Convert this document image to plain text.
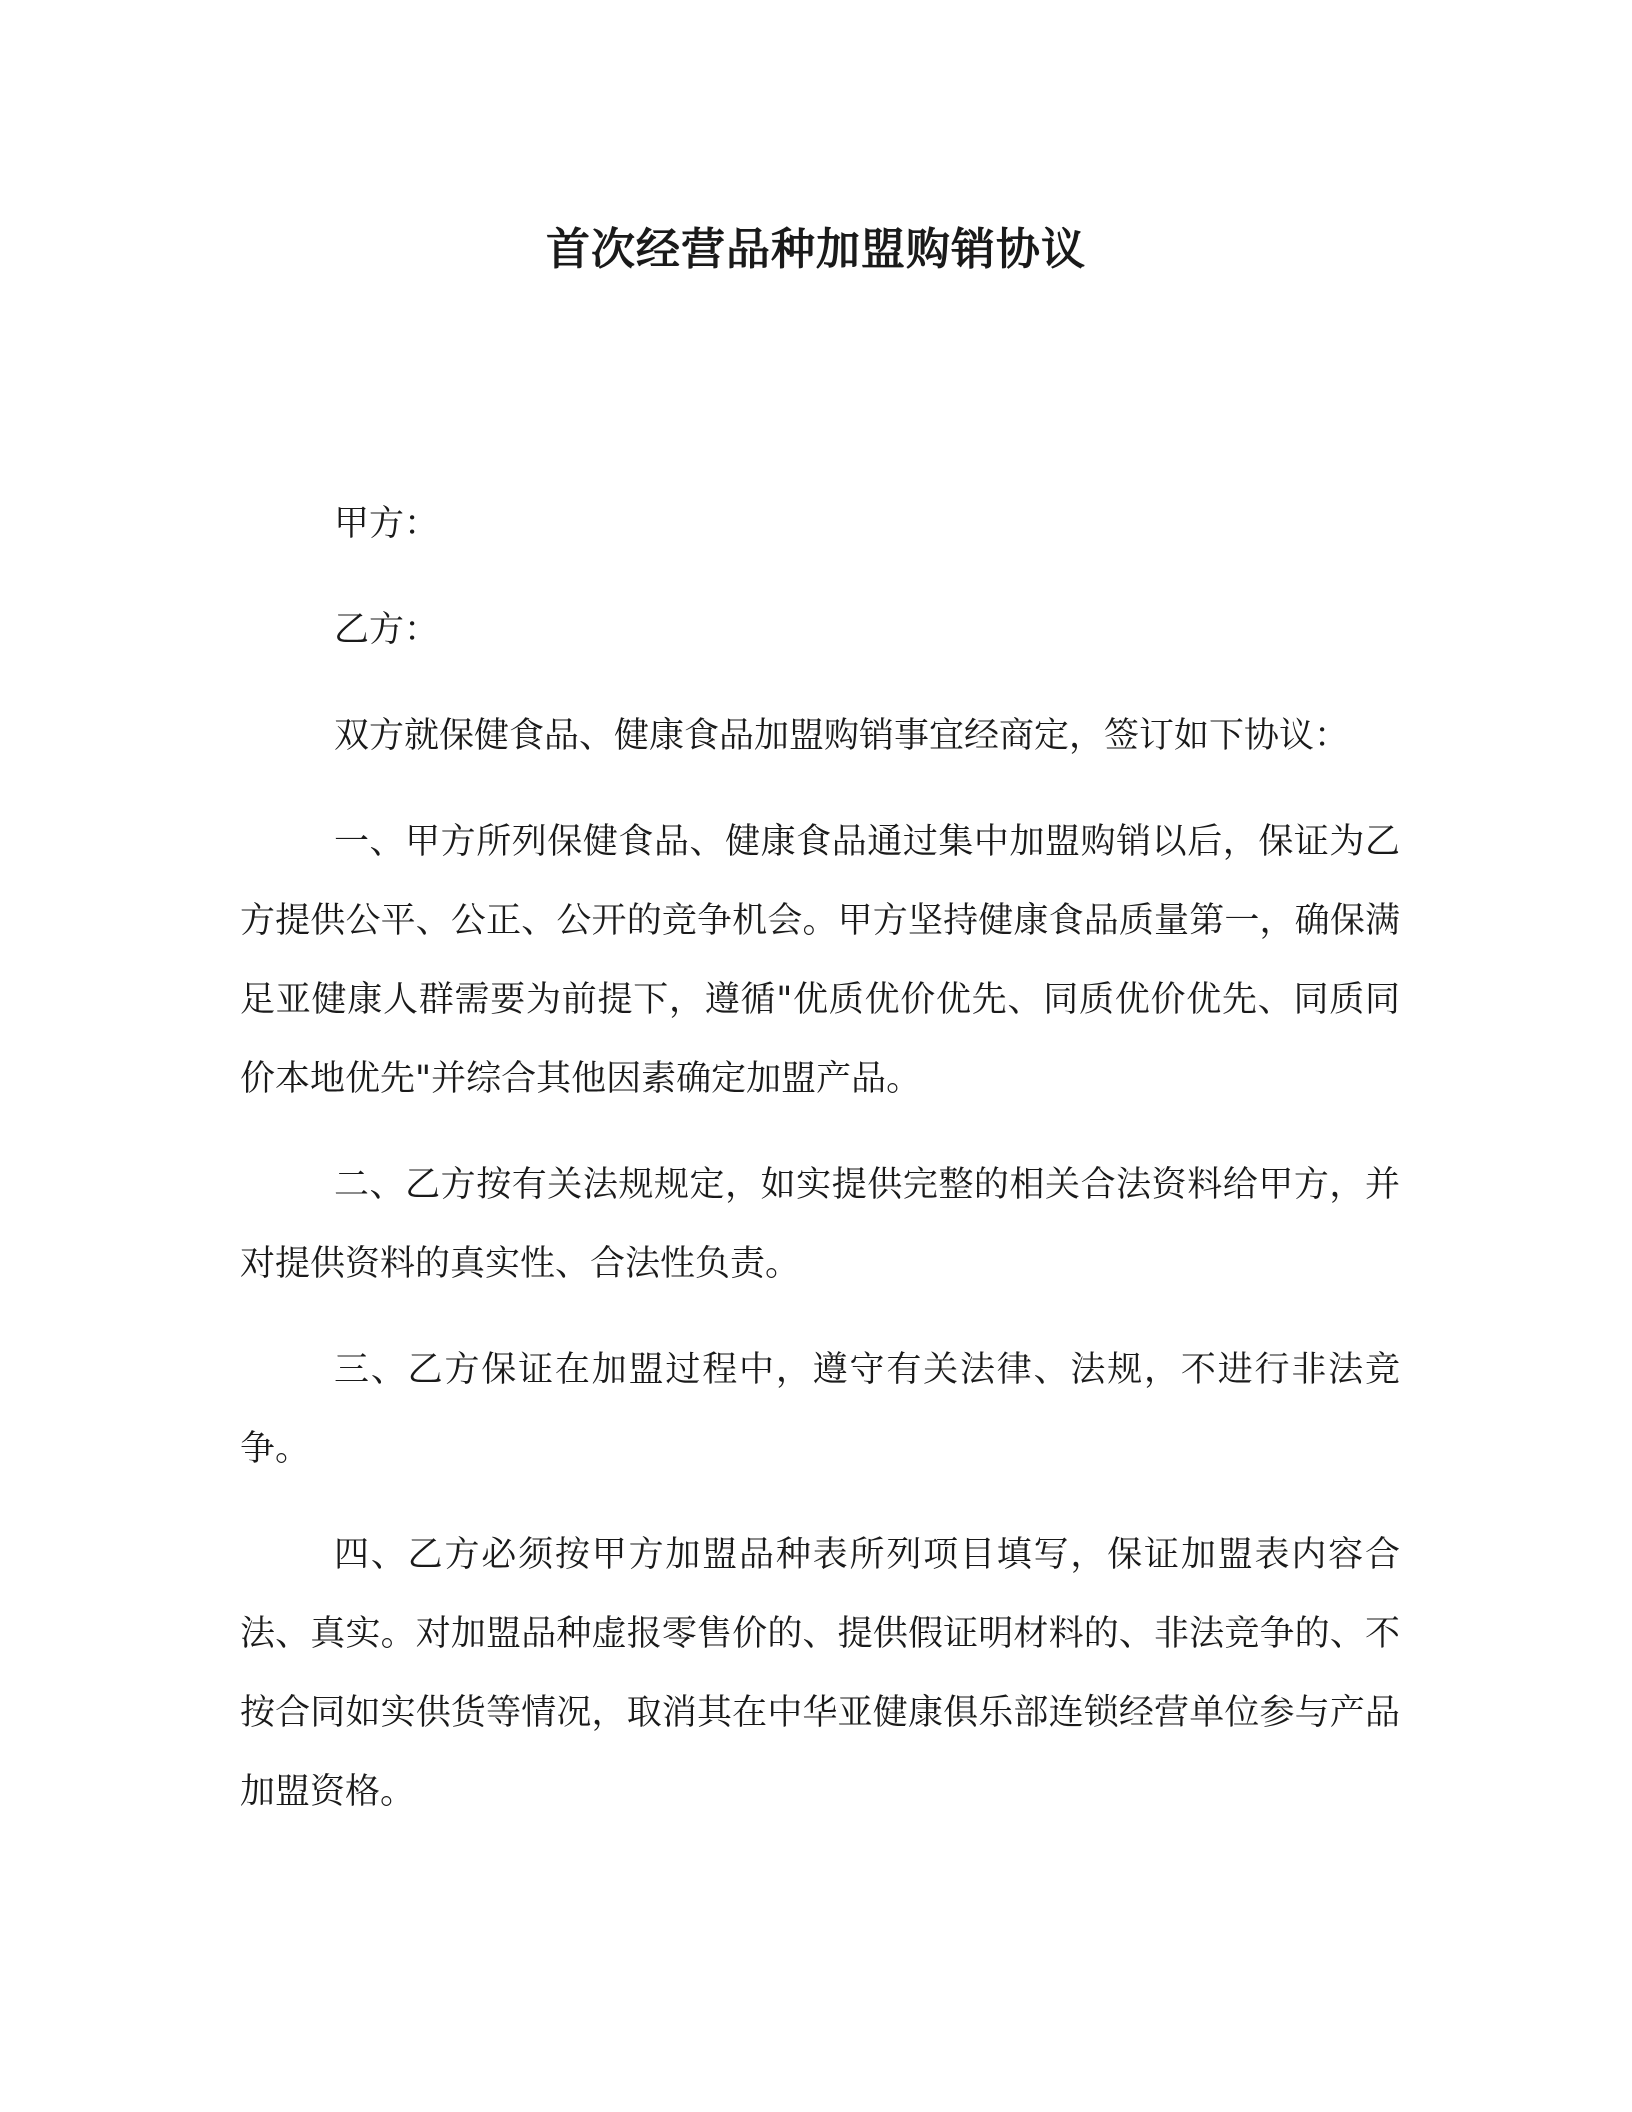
首次经营品种加盟购销协议

甲方：

乙方：

双方就保健食品、健康食品加盟购销事宜经商定，签订如下协议：

一、甲方所列保健食品、健康食品通过集中加盟购销以后，保证为乙方提供公平、公正、公开的竞争机会。甲方坚持健康食品质量第一，确保满足亚健康人群需要为前提下，遵循"优质优价优先、同质优价优先、同质同价本地优先"并综合其他因素确定加盟产品。

二、乙方按有关法规规定，如实提供完整的相关合法资料给甲方，并对提供资料的真实性、合法性负责。

三、乙方保证在加盟过程中，遵守有关法律、法规，不进行非法竞争。

四、乙方必须按甲方加盟品种表所列项目填写，保证加盟表内容合法、真实。对加盟品种虚报零售价的、提供假证明材料的、非法竞争的、不按合同如实供货等情况，取消其在中华亚健康俱乐部连锁经营单位参与产品加盟资格。
